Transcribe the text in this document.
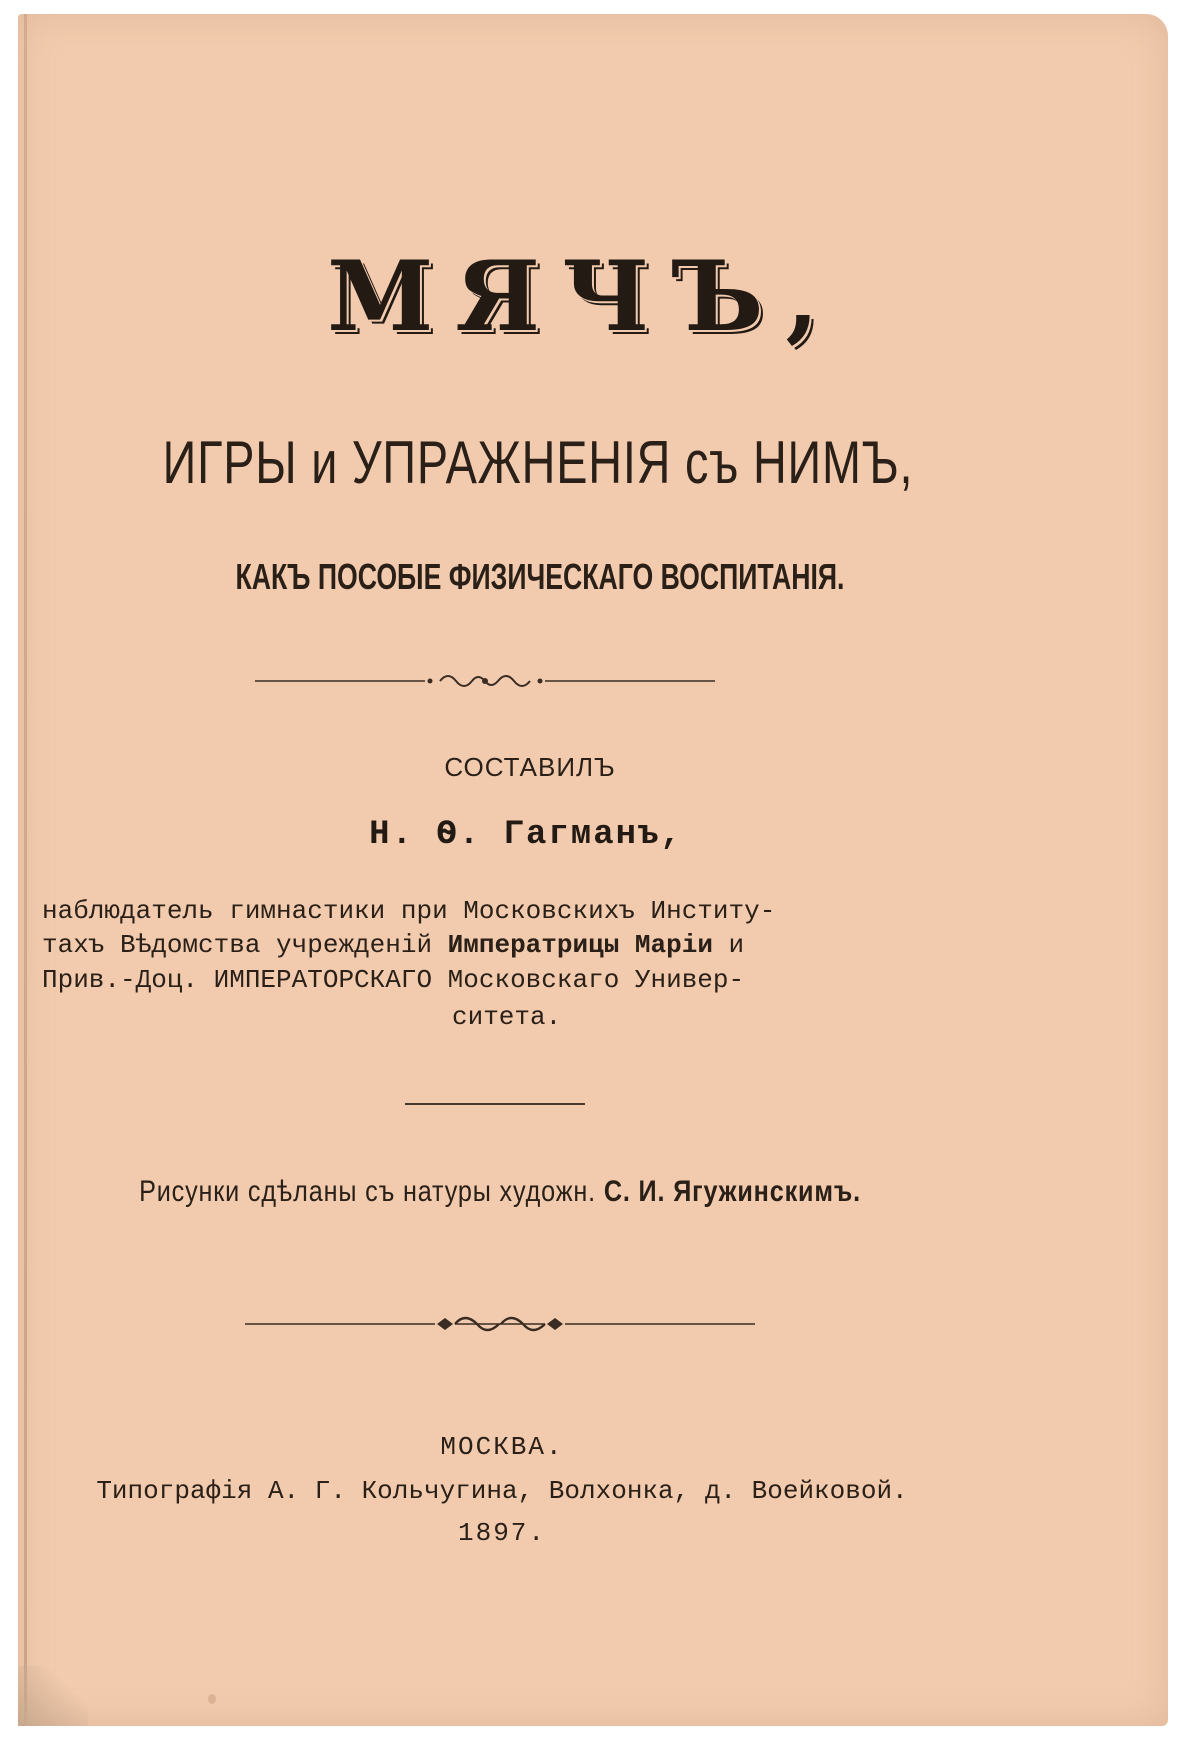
МЯЧЪ,
ИГРЫ и УПРАЖНЕНІЯ съ НИМЪ,
КАКЪ ПОСОБІЕ ФИЗИЧЕСКАГО ВОСПИТАНІЯ.
СОСТАВИЛЪ
Н. Ѳ. Гагманъ,
наблюдатель гимнастики при Московскихъ Институ-
тахъ Вѣдомства учрежденій Императрицы Маріи и
Прив.-Доц. ИМПЕРАТОРСКАГО Московскаго Универ-
ситета.
Рисунки сдѣланы съ натуры художн. С. И. Ягужинскимъ.
МОСКВА.
Типографія А. Г. Кольчугина, Волхонка, д. Воейковой.
1897.
